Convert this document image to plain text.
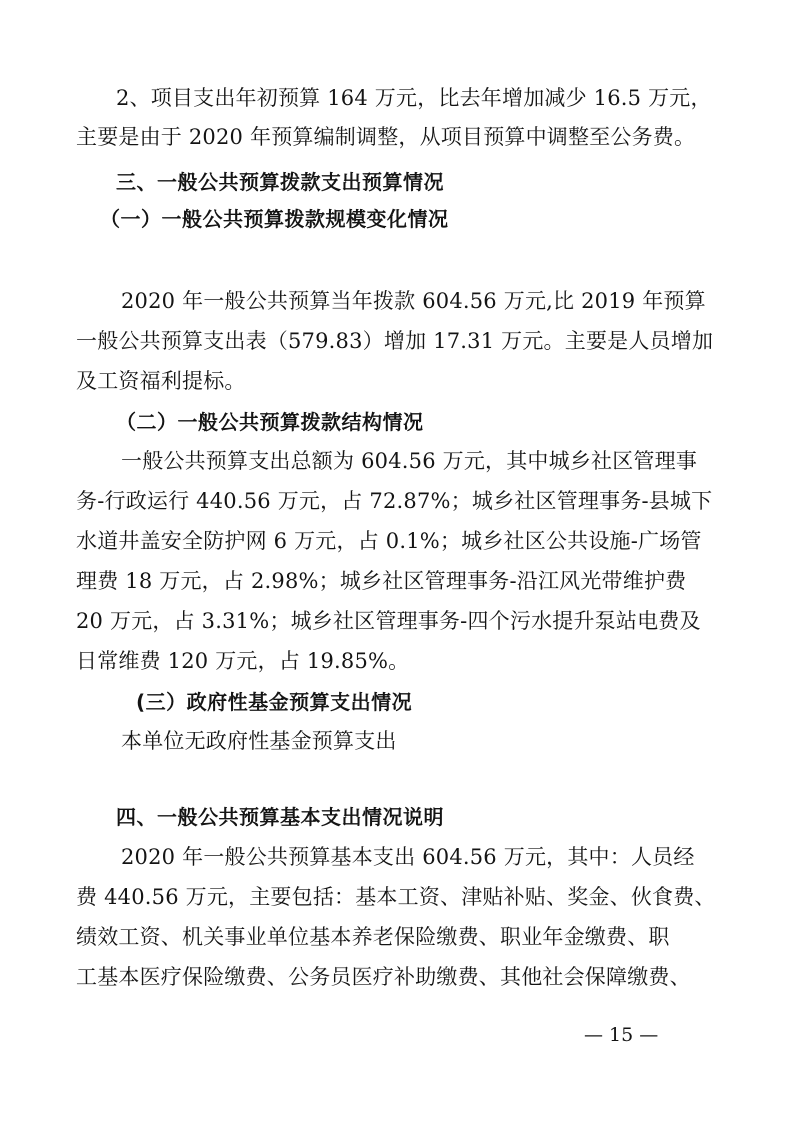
2、项目支出年初预算 164 万元，比去年增加减少 16.5 万元，
主要是由于 2020 年预算编制调整，从项目预算中调整至公务费。
三、一般公共预算拨款支出预算情况
（一）一般公共预算拨款规模变化情况
2020 年一般公共预算当年拨款 604.56 万元,比 2019 年预算
一般公共预算支出表（579.83）增加 17.31 万元。主要是人员增加
及工资福利提标。
（二）一般公共预算拨款结构情况
一般公共预算支出总额为 604.56 万元，其中城乡社区管理事
务-行政运行 440.56 万元，占 72.87%；城乡社区管理事务-县城下
水道井盖安全防护网 6 万元，占 0.1%；城乡社区公共设施-广场管
理费 18 万元，占 2.98%；城乡社区管理事务-沿江风光带维护费
20 万元，占 3.31%；城乡社区管理事务-四个污水提升泵站电费及
日常维费 120 万元，占 19.85%。
(三）政府性基金预算支出情况
本单位无政府性基金预算支出
四、一般公共预算基本支出情况说明
2020 年一般公共预算基本支出 604.56 万元，其中：人员经
费 440.56 万元，主要包括：基本工资、津贴补贴、奖金、伙食费、
绩效工资、机关事业单位基本养老保险缴费、职业年金缴费、职
工基本医疗保险缴费、公务员医疗补助缴费、其他社会保障缴费、
— 15 —
